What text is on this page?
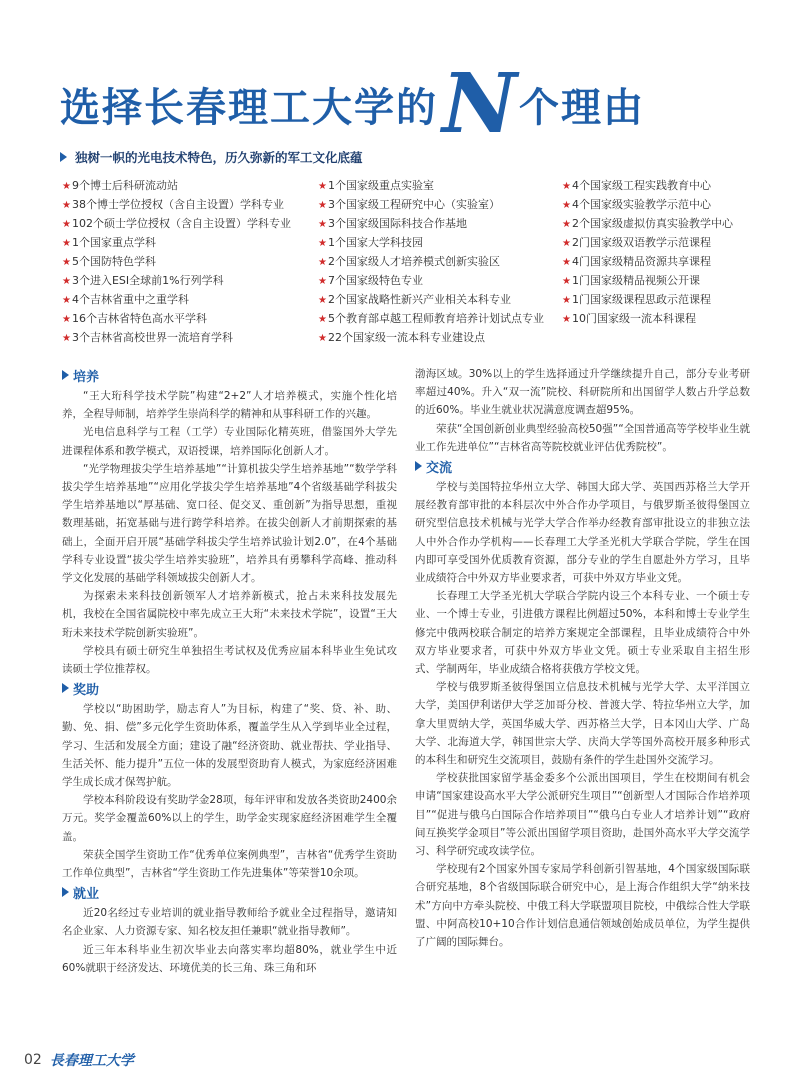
选择长春理工大学的 N 个理由
独树一帜的光电技术特色，历久弥新的军工文化底蕴
★9个博士后科研流动站
★38个博士学位授权（含自主设置）学科专业
★102个硕士学位授权（含自主设置）学科专业
★1个国家重点学科
★5个国防特色学科
★3个进入ESI全球前1%行列学科
★4个吉林省重中之重学科
★16个吉林省特色高水平学科
★3个吉林省高校世界一流培育学科
★1个国家级重点实验室
★3个国家级工程研究中心（实验室）
★3个国家级国际科技合作基地
★1个国家大学科技园
★2个国家级人才培养模式创新实验区
★7个国家级特色专业
★2个国家战略性新兴产业相关本科专业
★5个教育部卓越工程师教育培养计划试点专业
★22个国家级一流本科专业建设点
★4个国家级工程实践教育中心
★4个国家级实验教学示范中心
★2个国家级虚拟仿真实验教学中心
★2门国家级双语教学示范课程
★4门国家级精品资源共享课程
★1门国家级精品视频公开课
★1门国家级课程思政示范课程
★10门国家级一流本科课程
培养

“王大珩科学技术学院”构建“2+2”人才培养模式，实施个性化培养，全程导师制，培养学生崇尚科学的精神和从事科研工作的兴趣。

光电信息科学与工程（工学）专业国际化精英班，借鉴国外大学先进课程体系和教学模式，双语授课，培养国际化创新人才。

“光学物理拔尖学生培养基地”“计算机拔尖学生培养基地”“数学学科拔尖学生培养基地”“应用化学拔尖学生培养基地”4个省级基础学科拔尖学生培养基地以“厚基础、宽口径、促交叉、重创新”为指导思想，重视数理基础，拓宽基础与进行跨学科培养。在拔尖创新人才前期探索的基础上，全面开启开展“基础学科拔尖学生培养试验计划2.0”，在4个基础学科专业设置“拔尖学生培养实验班”，培养具有勇攀科学高峰、推动科学文化发展的基础学科领域拔尖创新人才。

为探索未来科技创新领军人才培养新模式，抢占未来科技发展先机，我校在全国省属院校中率先成立王大珩“未来技术学院”，设置“王大珩未来技术学院创新实验班”。

学校具有硕士研究生单独招生考试权及优秀应届本科毕业生免试攻读硕士学位推荐权。

奖助

学校以“助困助学，励志育人”为目标，构建了“奖、贷、补、助、勤、免、捐、偿”多元化学生资助体系，覆盖学生从入学到毕业全过程，学习、生活和发展全方面；建设了融“经济资助、就业帮扶、学业指导、生活关怀、能力提升”五位一体的发展型资助育人模式，为家庭经济困难学生成长成才保驾护航。

学校本科阶段设有奖助学金28项，每年评审和发放各类资助2400余万元。奖学金覆盖60%以上的学生，助学金实现家庭经济困难学生全覆盖。

荣获全国学生资助工作“优秀单位案例典型”，吉林省“优秀学生资助工作单位典型”，吉林省“学生资助工作先进集体”等荣誉10余项。

就业

近20名经过专业培训的就业指导教师给予就业全过程指导，邀请知名企业家、人力资源专家、知名校友担任兼职“就业指导教师”。

近三年本科毕业生初次毕业去向落实率均超80%，就业学生中近60%就职于经济发达、环境优美的长三角、珠三角和环

渤海区域。30%以上的学生选择通过升学继续提升自己，部分专业考研率超过40%。升入“双一流”院校、科研院所和出国留学人数占升学总数的近60%。毕业生就业状况满意度调查超95%。

荣获“全国创新创业典型经验高校50强”“全国普通高等学校毕业生就业工作先进单位”“吉林省高等院校就业评估优秀院校”。

交流

学校与美国特拉华州立大学、韩国大邱大学、英国西苏格兰大学开展经教育部审批的本科层次中外合作办学项目，与俄罗斯圣彼得堡国立研究型信息技术机械与光学大学合作举办经教育部审批设立的非独立法人中外合作办学机构——长春理工大学圣光机大学联合学院，学生在国内即可享受国外优质教育资源，部分专业的学生自愿赴外方学习，且毕业成绩符合中外双方毕业要求者，可获中外双方毕业文凭。

长春理工大学圣光机大学联合学院内设三个本科专业、一个硕士专业、一个博士专业，引进俄方课程比例超过50%，本科和博士专业学生修完中俄两校联合制定的培养方案规定全部课程，且毕业成绩符合中外双方毕业要求者，可获中外双方毕业文凭。硕士专业采取自主招生形式、学制两年，毕业成绩合格将获俄方学校文凭。

学校与俄罗斯圣彼得堡国立信息技术机械与光学大学、太平洋国立大学，美国伊利诺伊大学芝加哥分校、普渡大学、特拉华州立大学，加拿大里贾纳大学，英国华威大学、西苏格兰大学，日本冈山大学、广岛大学、北海道大学，韩国世宗大学、庆尚大学等国外高校开展多种形式的本科生和研究生交流项目，鼓励有条件的学生赴国外交流学习。

学校获批国家留学基金委多个公派出国项目，学生在校期间有机会申请“国家建设高水平大学公派研究生项目”“创新型人才国际合作培养项目”“促进与俄乌白国际合作培养项目”“俄乌白专业人才培养计划”“政府间互换奖学金项目”等公派出国留学项目资助，赴国外高水平大学交流学习、科学研究或攻读学位。

学校现有2个国家外国专家局学科创新引智基地，4个国家级国际联合研究基地，8个省级国际联合研究中心，是上海合作组织大学“纳米技术”方向中方牵头院校、中俄工科大学联盟项目院校，中俄综合性大学联盟、中阿高校10+10合作计划信息通信领域创始成员单位，为学生提供了广阔的国际舞台。

02 長春理工大学
